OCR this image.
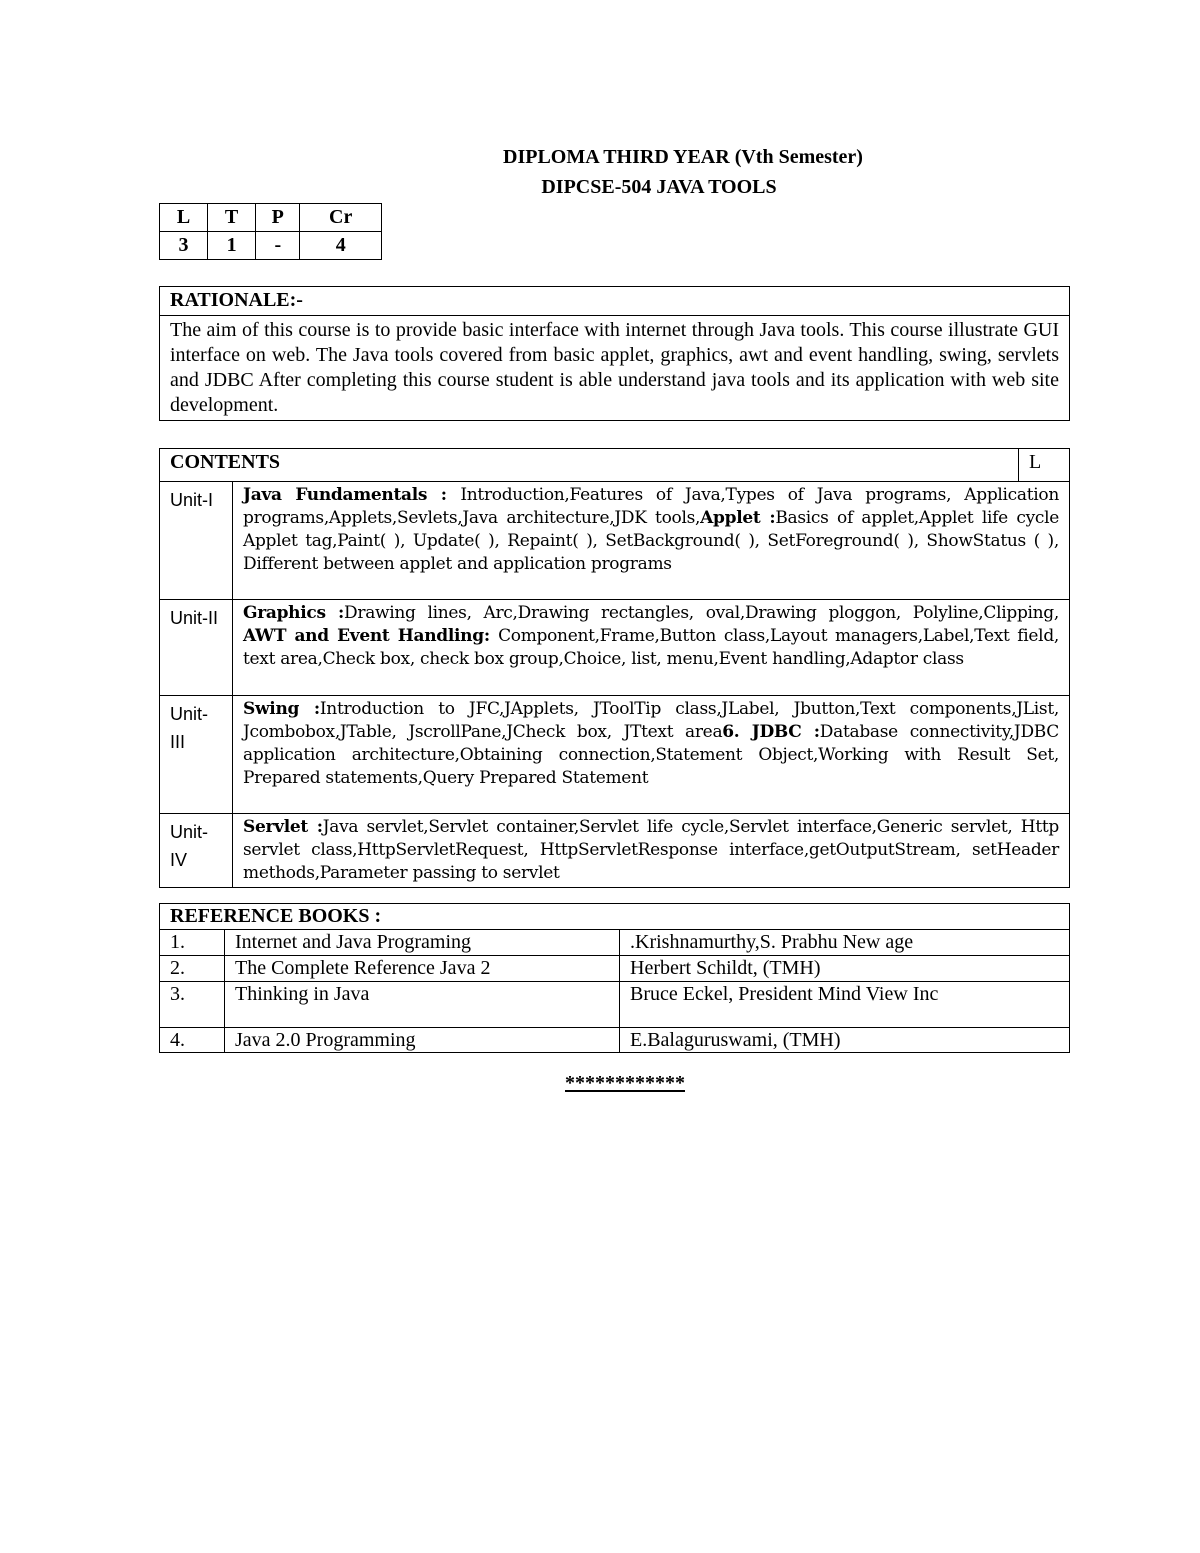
DIPLOMA THIRD YEAR (Vth Semester)
DIPCSE-504 JAVA TOOLS
L	T	P	Cr
3	1	-	4
RATIONALE:-
The aim of this course is to provide basic interface with internet through Java tools. This course illustrate GUI interface on web. The Java tools covered from basic applet, graphics, awt and event handling, swing, servlets and JDBC After completing this course student is able understand java tools and its application with web site development.
CONTENTS		L
Unit-I	Java Fundamentals : Introduction,Features of Java,Types of Java programs, Application programs,Applets,Sevlets,Java architecture,JDK tools,Applet :Basics of applet,Applet life cycle Applet tag,Paint( ), Update( ), Repaint( ), SetBackground( ), SetForeground( ), ShowStatus ( ), Different between applet and application programs	
Unit-II	Graphics :Drawing lines, Arc,Drawing rectangles, oval,Drawing ploggon, Polyline,Clipping, AWT and Event Handling: Component,Frame,Button class,Layout managers,Label,Text field, text area,Check box, check box group,Choice, list, menu,Event handling,Adaptor class	
Unit-III	Swing :Introduction to JFC,JApplets, JToolTip class,JLabel, Jbutton,Text components,JList, Jcombobox,JTable, JscrollPane,JCheck box, JTtext area6. JDBC :Database connectivity,JDBC application architecture,Obtaining connection,Statement Object,Working with Result Set, Prepared statements,Query Prepared Statement	
Unit-IV	Servlet :Java servlet,Servlet container,Servlet life cycle,Servlet interface,Generic servlet, Http servlet class,HttpServletRequest, HttpServletResponse interface,getOutputStream, setHeader methods,Parameter passing to servlet	
REFERENCE BOOKS :		
1.	Internet and Java Programing	.Krishnamurthy,S. Prabhu New age
2.	The Complete Reference Java 2	Herbert Schildt, (TMH)
3.	Thinking in Java	Bruce Eckel, President Mind View Inc
4.	Java 2.0 Programming	E.Balaguruswami, (TMH)
************
